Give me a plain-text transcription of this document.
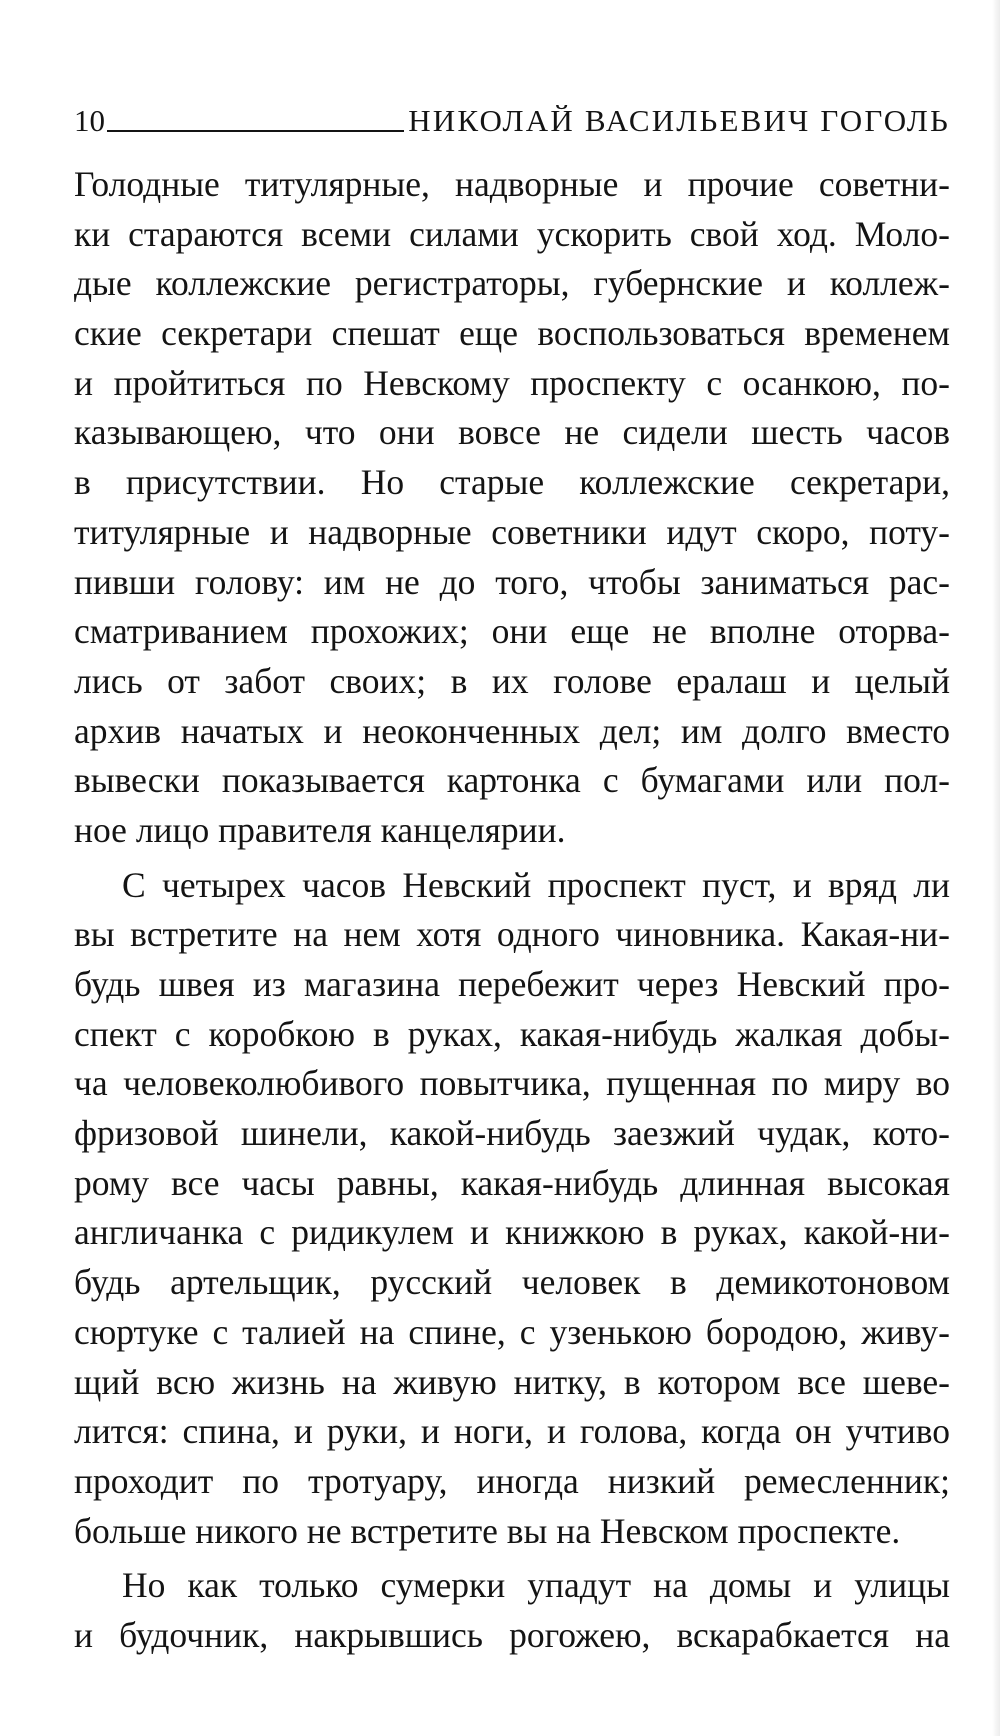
10	НИКОЛАЙ ВАСИЛЬЕВИЧ ГОГОЛЬ
Голодные титулярные, надворные и прочие советни-
ки стараются всеми силами ускорить свой ход. Моло-
дые коллежские регистраторы, губернские и коллеж-
ские секретари спешат еще воспользоваться временем
и пройтиться по Невскому проспекту с осанкою, по-
казывающею, что они вовсе не сидели шесть часов
в присутствии. Но старые коллежские секретари,
титулярные и надворные советники идут скоро, поту-
пивши голову: им не до того, чтобы заниматься рас-
сматриванием прохожих; они еще не вполне оторва-
лись от забот своих; в их голове ералаш и целый
архив начатых и неоконченных дел; им долго вместо
вывески показывается картонка с бумагами или пол-
ное лицо правителя канцелярии.
С четырех часов Невский проспект пуст, и вряд ли
вы встретите на нем хотя одного чиновника. Какая-ни-
будь швея из магазина перебежит через Невский про-
спект с коробкою в руках, какая-нибудь жалкая добы-
ча человеколюбивого повытчика, пущенная по миру во
фризовой шинели, какой-нибудь заезжий чудак, кото-
рому все часы равны, какая-нибудь длинная высокая
англичанка с ридикулем и книжкою в руках, какой-ни-
будь артельщик, русский человек в демикотоновом
сюртуке с талией на спине, с узенькою бородою, живу-
щий всю жизнь на живую нитку, в котором все шеве-
лится: спина, и руки, и ноги, и голова, когда он учтиво
проходит по тротуару, иногда низкий ремесленник;
больше никого не встретите вы на Невском проспекте.
Но как только сумерки упадут на домы и улицы
и будочник, накрывшись рогожею, вскарабкается на
